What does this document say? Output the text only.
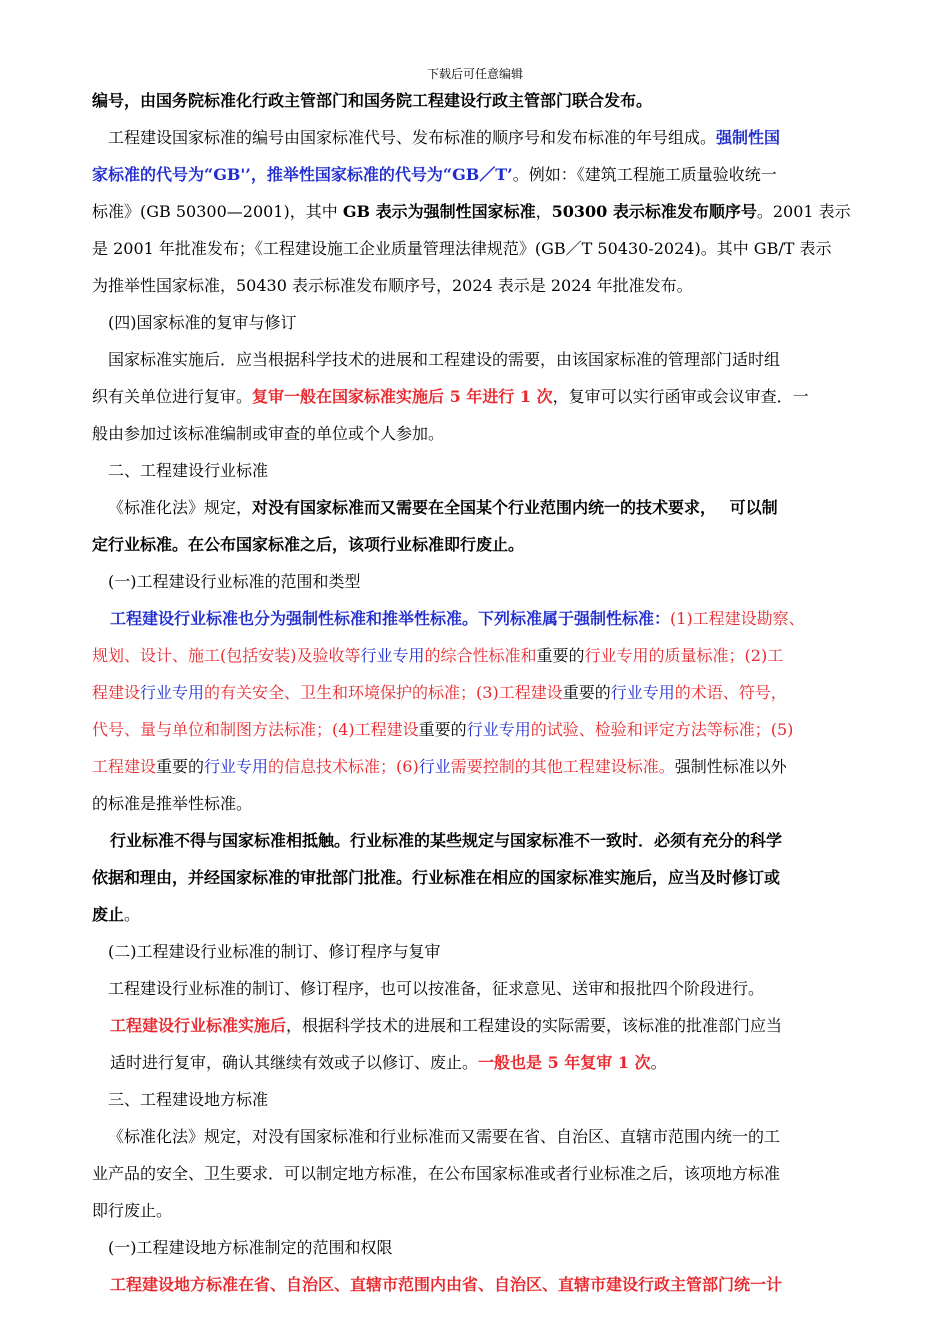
下载后可任意编辑
编号，由国务院标准化行政主管部门和国务院工程建设行政主管部门联合发布。
工程建设国家标准的编号由国家标准代号、发布标准的顺序号和发布标准的年号组成。强制性国
家标准的代号为“GB'’，推举性国家标准的代号为“GB／T’。例如：《建筑工程施工质量验收统一
标准》(GB 50300—2001)，其中 GB 表示为强制性国家标准，50300 表示标准发布顺序号。2001 表示
是 2001 年批准发布；《工程建设施工企业质量管理法律规范》(GB／T 50430-2024)。其中 GB/T 表示
为推举性国家标准，50430 表示标准发布顺序号，2024 表示是 2024 年批准发布。
(四)国家标准的复审与修订
国家标准实施后．应当根据科学技术的进展和工程建设的需要，由该国家标准的管理部门适时组
织有关单位进行复审。复审一般在国家标准实施后 5 年进行 1 次，复审可以实行函审或会议审查．一
般由参加过该标准编制或审查的单位或个人参加。
二、工程建设行业标准
《标准化法》规定，对没有国家标准而又需要在全国某个行业范围内统一的技术要求，　 可以制
定行业标准。在公布国家标准之后，该项行业标准即行废止。
(一)工程建设行业标准的范围和类型
工程建设行业标准也分为强制性标准和推举性标准。下列标准属于强制性标准：(1)工程建设勘察、
规划、设计、施工(包括安装)及验收等行业专用的综合性标准和重要的行业专用的质量标准；(2)工
程建设行业专用的有关安全、卫生和环境保护的标准；(3)工程建设重要的行业专用的术语、符号，
代号、量与单位和制图方法标准；(4)工程建设重要的行业专用的试验、检验和评定方法等标准；(5)
工程建设重要的行业专用的信息技术标准；(6)行业需要控制的其他工程建设标准。强制性标准以外
的标准是推举性标准。
行业标准不得与国家标准相抵触。行业标准的某些规定与国家标准不一致时．必须有充分的科学
依据和理由，并经国家标准的审批部门批准。行业标准在相应的国家标准实施后，应当及时修订或
废止。
(二)工程建设行业标准的制订、修订程序与复审
工程建设行业标准的制订、修订程序，也可以按准备，征求意见、送审和报批四个阶段进行。
工程建设行业标准实施后，根据科学技术的进展和工程建设的实际需要，该标准的批准部门应当
适时进行复审，确认其继续有效或子以修订、废止。一般也是 5 年复审 1 次。
三、工程建设地方标准
《标准化法》规定，对没有国家标准和行业标准而又需要在省、自治区、直辖市范围内统一的工
业产品的安全、卫生要求．可以制定地方标准，在公布国家标准或者行业标准之后，该项地方标准
即行废止。
(一)工程建设地方标准制定的范围和权限
工程建设地方标准在省、自治区、直辖市范围内由省、自治区、直辖市建设行政主管部门统一计
